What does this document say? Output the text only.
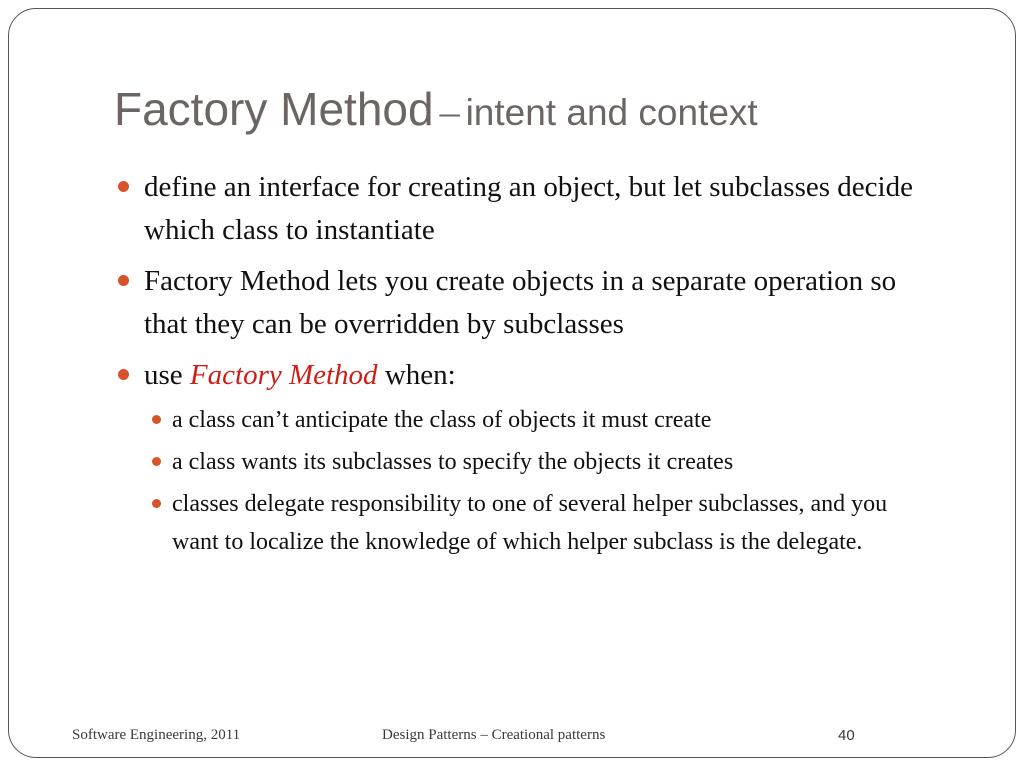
Factory Method – intent and context
define an interface for creating an object, but let subclasses decide which class to instantiate
Factory Method lets you create objects in a separate operation so that they can be overridden by subclasses
use Factory Method when:
a class can’t anticipate the class of objects it must create
a class wants its subclasses to specify the objects it creates
classes delegate responsibility to one of several helper subclasses, and you want to localize the knowledge of which helper subclass is the delegate.
Software Engineering, 2011	Design Patterns – Creational patterns	40
